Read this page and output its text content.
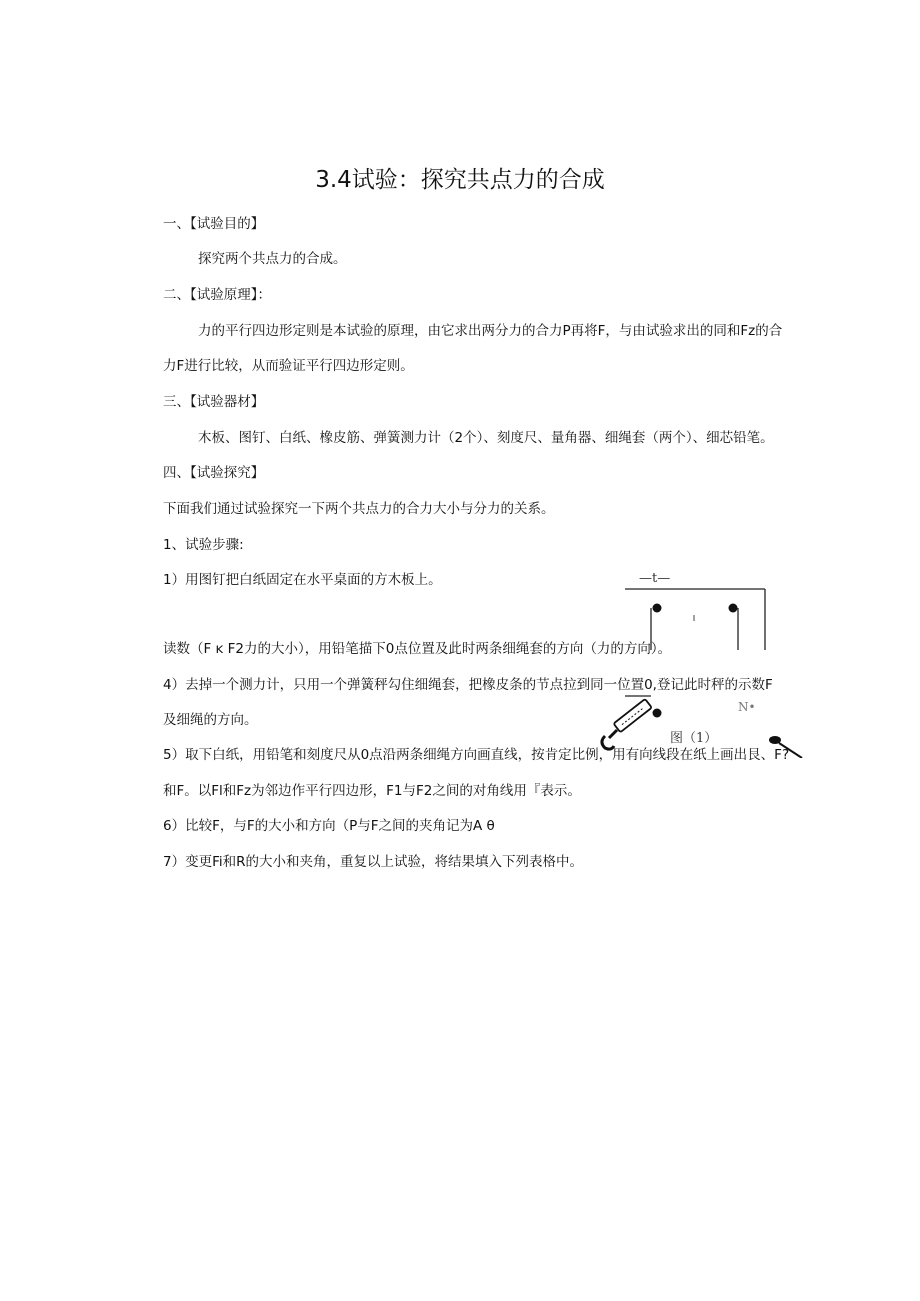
3.4试验：探究共点力的合成
一、【试验目的】
探究两个共点力的合成。
二、【试验原理】：
力的平行四边形定则是本试验的原理，由它求出两分力的合力P再将F，与由试验求出的同和Fz的合
力F进行比较，从而验证平行四边形定则。
三、【试验器材】
木板、图钉、白纸、橡皮筋、弹簧测力计（2个）、刻度尺、量角器、细绳套（两个）、细芯铅笔。
四、【试验探究】
下面我们通过试验探究一下两个共点力的合力大小与分力的关系。
1、试验步骤:
1）用图钉把白纸固定在水平桌面的方木板上。
读数（F ĸ F2力的大小），用铅笔描下0点位置及此时两条细绳套的方向（力的方向）。
4）去掉一个测力计，只用一个弹簧秤勾住细绳套，把橡皮条的节点拉到同一位置0,登记此时秤的示数F
及细绳的方向。
5）取下白纸，用铅笔和刻度尺从0点沿两条细绳方向画直线，按肯定比例，用有向线段在纸上画出艮、F?
和F。以Fl和Fz为邻边作平行四边形，F1与F2之间的对角线用『表示。
6）比较F，与F的大小和方向（P与F之间的夹角记为A θ
7）变更Fi和R的大小和夹角，重复以上试验，将结果填入下列表格中。
—t—
N•
图（1）
